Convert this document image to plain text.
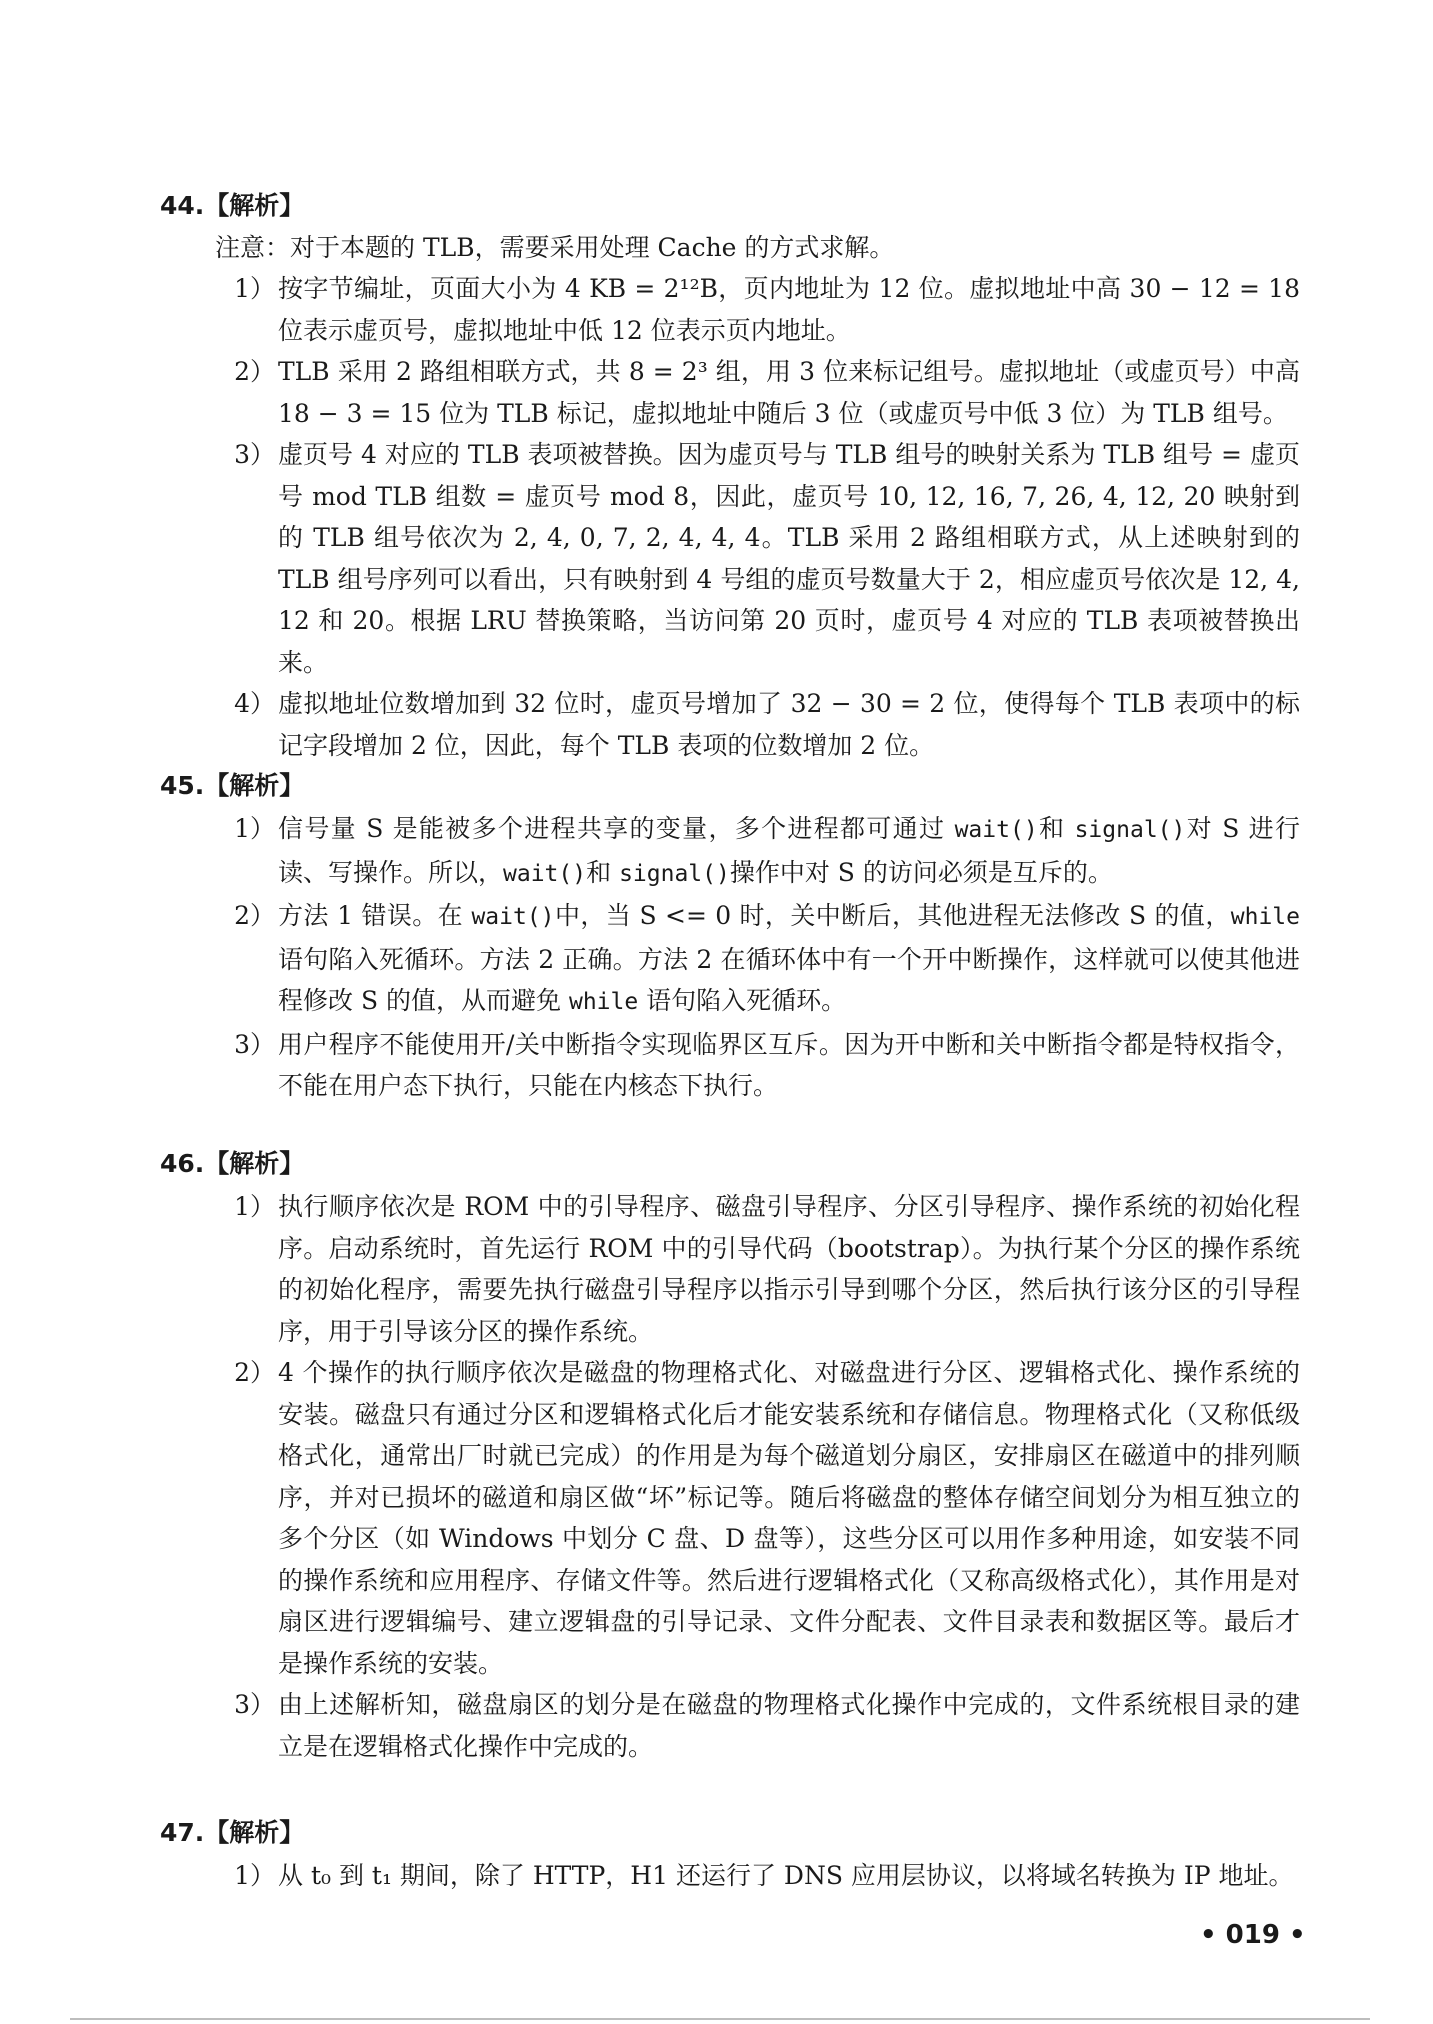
44.【解析】
注意：对于本题的 TLB，需要采用处理 Cache 的方式求解。
1） 按字节编址，页面大小为 4 KB = 2¹²B，页内地址为 12 位。虚拟地址中高 30 − 12 = 18 位表示虚页号，虚拟地址中低 12 位表示页内地址。
2） TLB 采用 2 路组相联方式，共 8 = 2³ 组，用 3 位来标记组号。虚拟地址（或虚页号）中高 18 − 3 = 15 位为 TLB 标记，虚拟地址中随后 3 位（或虚页号中低 3 位）为 TLB 组号。
3） 虚页号 4 对应的 TLB 表项被替换。因为虚页号与 TLB 组号的映射关系为 TLB 组号 = 虚页号 mod TLB 组数 = 虚页号 mod 8，因此，虚页号 10, 12, 16, 7, 26, 4, 12, 20 映射到的 TLB 组号依次为 2, 4, 0, 7, 2, 4, 4, 4。TLB 采用 2 路组相联方式，从上述映射到的 TLB 组号序列可以看出，只有映射到 4 号组的虚页号数量大于 2，相应虚页号依次是 12, 4, 12 和 20。根据 LRU 替换策略，当访问第 20 页时，虚页号 4 对应的 TLB 表项被替换出来。
4） 虚拟地址位数增加到 32 位时，虚页号增加了 32 − 30 = 2 位，使得每个 TLB 表项中的标记字段增加 2 位，因此，每个 TLB 表项的位数增加 2 位。
45.【解析】
1） 信号量 S 是能被多个进程共享的变量，多个进程都可通过 wait()和 signal()对 S 进行读、写操作。所以，wait()和 signal()操作中对 S 的访问必须是互斥的。
2） 方法 1 错误。在 wait()中，当 S <= 0 时，关中断后，其他进程无法修改 S 的值，while 语句陷入死循环。方法 2 正确。方法 2 在循环体中有一个开中断操作，这样就可以使其他进程修改 S 的值，从而避免 while 语句陷入死循环。
3） 用户程序不能使用开/关中断指令实现临界区互斥。因为开中断和关中断指令都是特权指令，不能在用户态下执行，只能在内核态下执行。
46.【解析】
1） 执行顺序依次是 ROM 中的引导程序、磁盘引导程序、分区引导程序、操作系统的初始化程序。启动系统时，首先运行 ROM 中的引导代码（bootstrap）。为执行某个分区的操作系统的初始化程序，需要先执行磁盘引导程序以指示引导到哪个分区，然后执行该分区的引导程序，用于引导该分区的操作系统。
2） 4 个操作的执行顺序依次是磁盘的物理格式化、对磁盘进行分区、逻辑格式化、操作系统的安装。磁盘只有通过分区和逻辑格式化后才能安装系统和存储信息。物理格式化（又称低级格式化，通常出厂时就已完成）的作用是为每个磁道划分扇区，安排扇区在磁道中的排列顺序，并对已损坏的磁道和扇区做“坏”标记等。随后将磁盘的整体存储空间划分为相互独立的多个分区（如 Windows 中划分 C 盘、D 盘等），这些分区可以用作多种用途，如安装不同的操作系统和应用程序、存储文件等。然后进行逻辑格式化（又称高级格式化），其作用是对扇区进行逻辑编号、建立逻辑盘的引导记录、文件分配表、文件目录表和数据区等。最后才是操作系统的安装。
3） 由上述解析知，磁盘扇区的划分是在磁盘的物理格式化操作中完成的，文件系统根目录的建立是在逻辑格式化操作中完成的。
47.【解析】
1） 从 t₀ 到 t₁ 期间，除了 HTTP，H1 还运行了 DNS 应用层协议，以将域名转换为 IP 地址。
• 019 •
